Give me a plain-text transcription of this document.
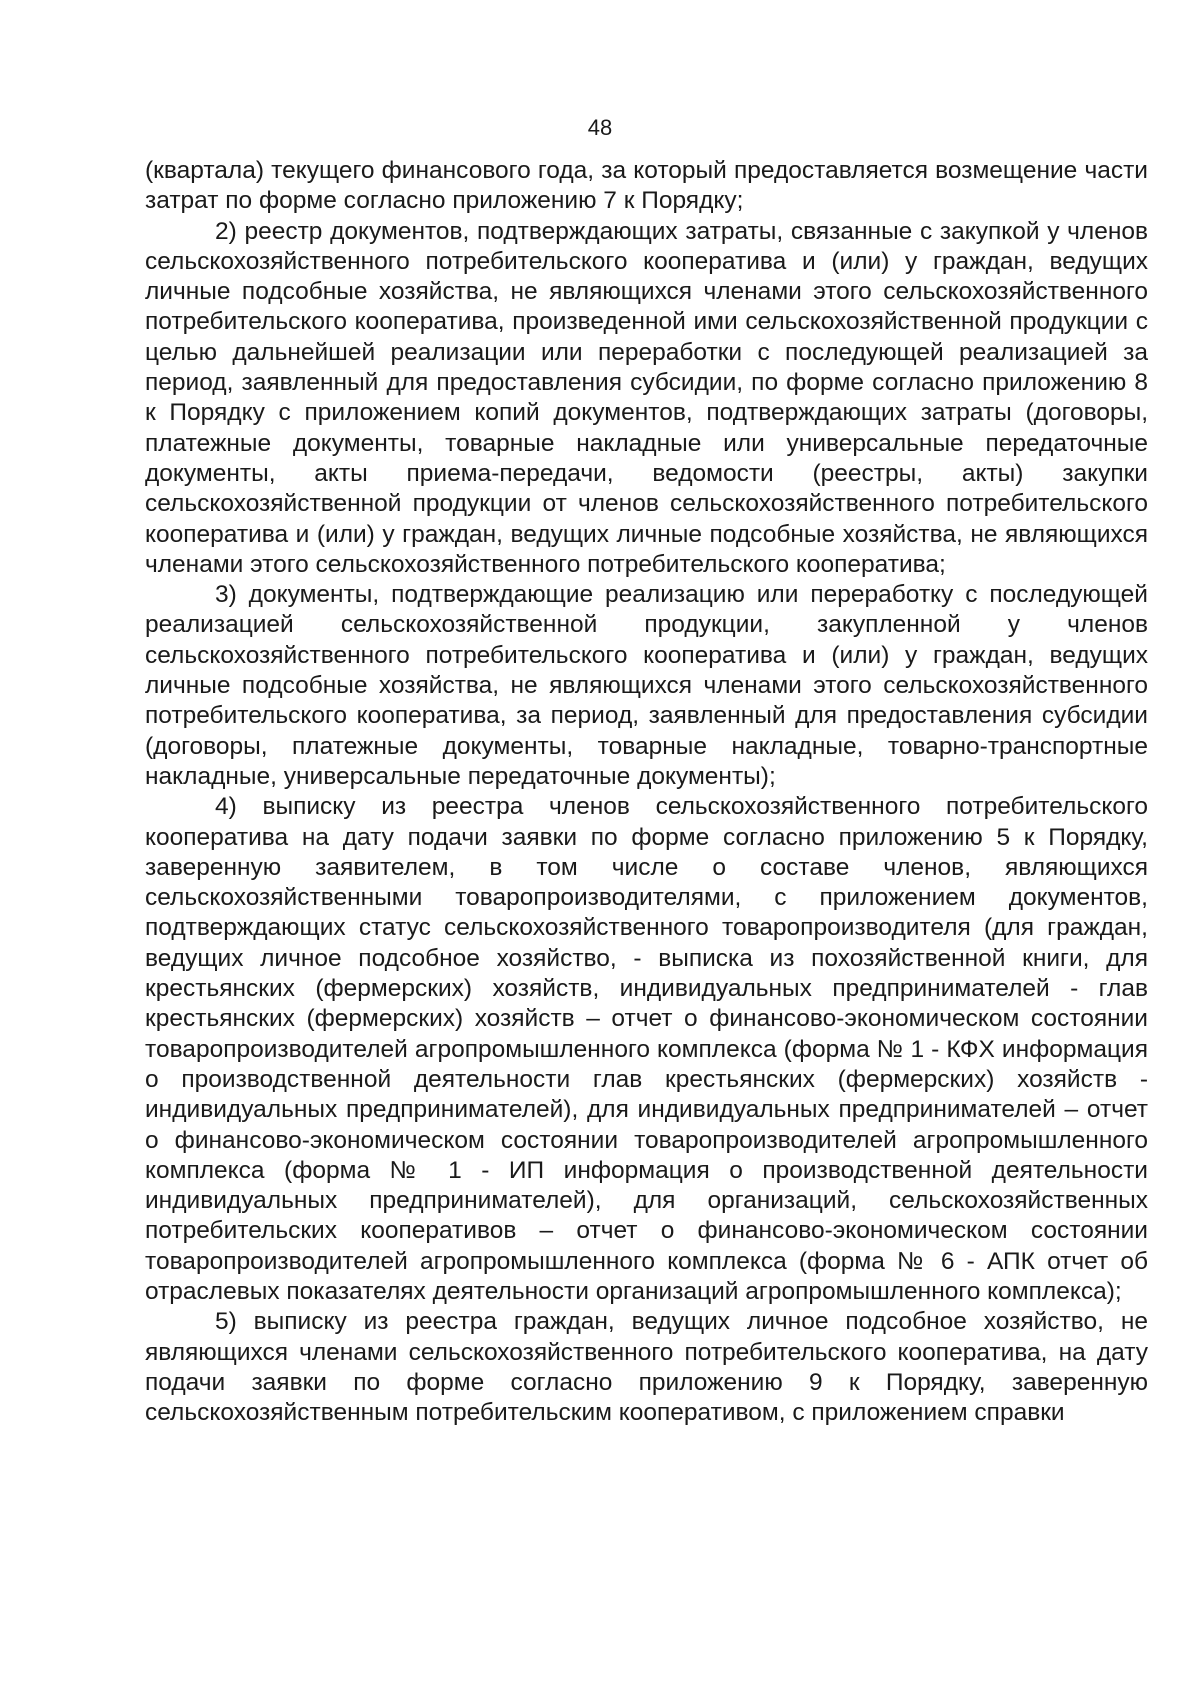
48

(квартала) текущего финансового года, за который предоставляется возмещение части затрат по форме согласно приложению 7 к Порядку;

2) реестр документов, подтверждающих затраты, связанные с закупкой у членов сельскохозяйственного потребительского кооператива и (или) у граждан, ведущих личные подсобные хозяйства, не являющихся членами этого сельскохозяйственного потребительского кооператива, произведенной ими сельскохозяйственной продукции с целью дальнейшей реализации или переработки с последующей реализацией за период, заявленный для предоставления субсидии, по форме согласно приложению 8 к Порядку с приложением копий документов, подтверждающих затраты (договоры, платежные документы, товарные накладные или универсальные передаточные документы, акты приема-передачи, ведомости (реестры, акты) закупки сельскохозяйственной продукции от членов сельскохозяйственного потребительского кооператива и (или) у граждан, ведущих личные подсобные хозяйства, не являющихся членами этого сельскохозяйственного потребительского кооператива;

3) документы, подтверждающие реализацию или переработку с последующей реализацией сельскохозяйственной продукции, закупленной у членов сельскохозяйственного потребительского кооператива и (или) у граждан, ведущих личные подсобные хозяйства, не являющихся членами этого сельскохозяйственного потребительского кооператива, за период, заявленный для предоставления субсидии (договоры, платежные документы, товарные накладные, товарно-транспортные накладные, универсальные передаточные документы);

4) выписку из реестра членов сельскохозяйственного потребительского кооператива на дату подачи заявки по форме согласно приложению 5 к Порядку, заверенную заявителем, в том числе о составе членов, являющихся сельскохозяйственными товаропроизводителями, с приложением документов, подтверждающих статус сельскохозяйственного товаропроизводителя (для граждан, ведущих личное подсобное хозяйство, - выписка из похозяйственной книги, для крестьянских (фермерских) хозяйств, индивидуальных предпринимателей - глав крестьянских (фермерских) хозяйств – отчет о финансово-экономическом состоянии товаропроизводителей агропромышленного комплекса (форма № 1 - КФХ информация о производственной деятельности глав крестьянских (фермерских) хозяйств - индивидуальных предпринимателей), для индивидуальных предпринимателей – отчет о финансово-экономическом состоянии товаропроизводителей агропромышленного комплекса (форма № 1 - ИП информация о производственной деятельности индивидуальных предпринимателей), для организаций, сельскохозяйственных потребительских кооперативов – отчет о финансово-экономическом состоянии товаропроизводителей агропромышленного комплекса (форма № 6 - АПК отчет об отраслевых показателях деятельности организаций агропромышленного комплекса);

5) выписку из реестра граждан, ведущих личное подсобное хозяйство, не являющихся членами сельскохозяйственного потребительского кооператива, на дату подачи заявки по форме согласно приложению 9 к Порядку, заверенную сельскохозяйственным потребительским кооперативом, с приложением справки
